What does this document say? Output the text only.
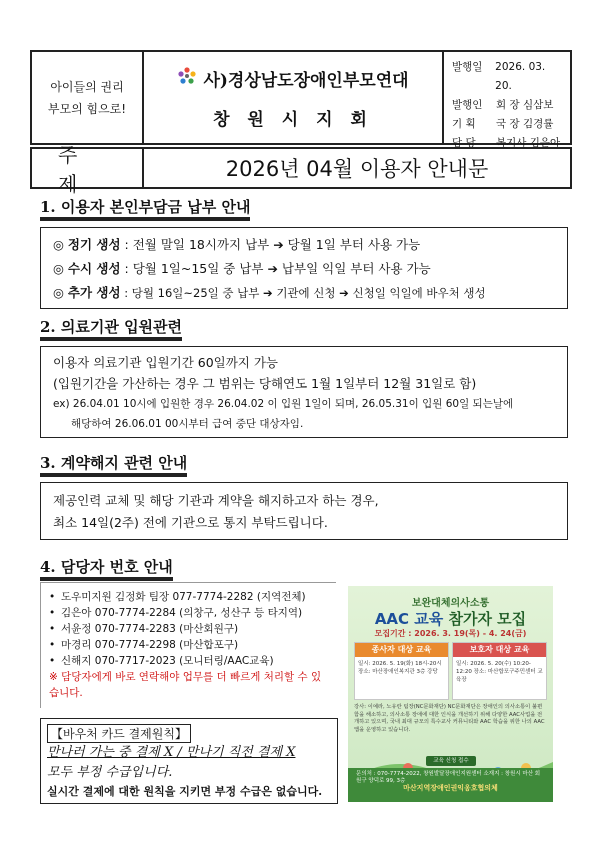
아이들의 권리
부모의 힘으로!
사)경상남도장애인부모연대
창 원 시 지 회
발행일	2026. 03. 20.
발행인	회 장 심삼보
기 획	국 장 김경률
담 당	복지사 김은아
주 제
2026년 04월 이용자 안내문
1. 이용자 본인부담금 납부 안내
◎ 정기 생성 : 전월 말일 18시까지 납부 ➔ 당월 1일 부터 사용 가능
◎ 수시 생성 : 당월 1일~15일 중 납부 ➔ 납부일 익일 부터 사용 가능
◎ 추가 생성 : 당월 16일~25일 중 납부 ➔ 기관에 신청 ➔ 신청일 익일에 바우처 생성
2. 의료기관 입원관련
이용자 의료기관 입원기간 60일까지 가능
(입원기간을 가산하는 경우 그 범위는 당해연도 1월 1일부터 12월 31일로 함)
ex) 26.04.01 10시에 입원한 경우 26.04.02 이 입원 1일이 되며, 26.05.31이 입원 60일 되는날에
해당하여 26.06.01 00시부터 급여 중단 대상자임.
3. 계약해지 관련 안내
제공인력 교체 및 해당 기관과 계약을 해지하고자 하는 경우,
최소 14일(2주) 전에 기관으로 통지 부탁드립니다.
4. 담당자 번호 안내
• 도우미지원 김정화 팀장 077-7774-2282 (지역전체)
• 김은아 070-7774-2284 (의창구, 성산구 등 타지역)
• 서윤정 070-7774-2283 (마산회원구)
• 마경리 070-7774-2298 (마산합포구)
• 신해지 070-7717-2023 (모니터링/AAC교육)
※ 담당자에게 바로 연락해야 업무를 더 빠르게 처리할 수 있습니다.
【바우처 카드 결제원칙】
만나러 가는 중 결제 X / 만나기 직전 결제 X
모두 부정 수급입니다.
실시간 결제에 대한 원칙을 지키면 부정 수급은 없습니다.
보완대체의사소통
AAC 교육 참가자 모집
모집기간 : 2026. 3. 19(목) - 4. 24(금)
종사자 대상 교육
일시: 2026. 5. 19(화) 18시-20시 장소: 마산장애인복지관 3층 강당
보호자 대상 교육
일시: 2026. 5. 20(수) 10:20-12:20 장소: 마산합포구주민센터 교육장
강사: 이예라, 노유란 팀장(NC문화재단) NC문화재단은 장애인의 의사소통이 불편함을 해소하고, 의사소통 장애에 대한 인식을 개선하기 위해 다양한 AAC사업을 전개하고 있으며, 국내 최대 규모의 특수교사 커뮤니티와 AAC 학습을 위한 나의 AAC앱을 운영하고 있습니다.
교육 신청 접수
문의처 : 070-7774-2022, 창원발달장애인지원센터 소재지 : 창원시 마산 회원구 양덕로 99, 3층
마산지역장애인권익옹호협의체
